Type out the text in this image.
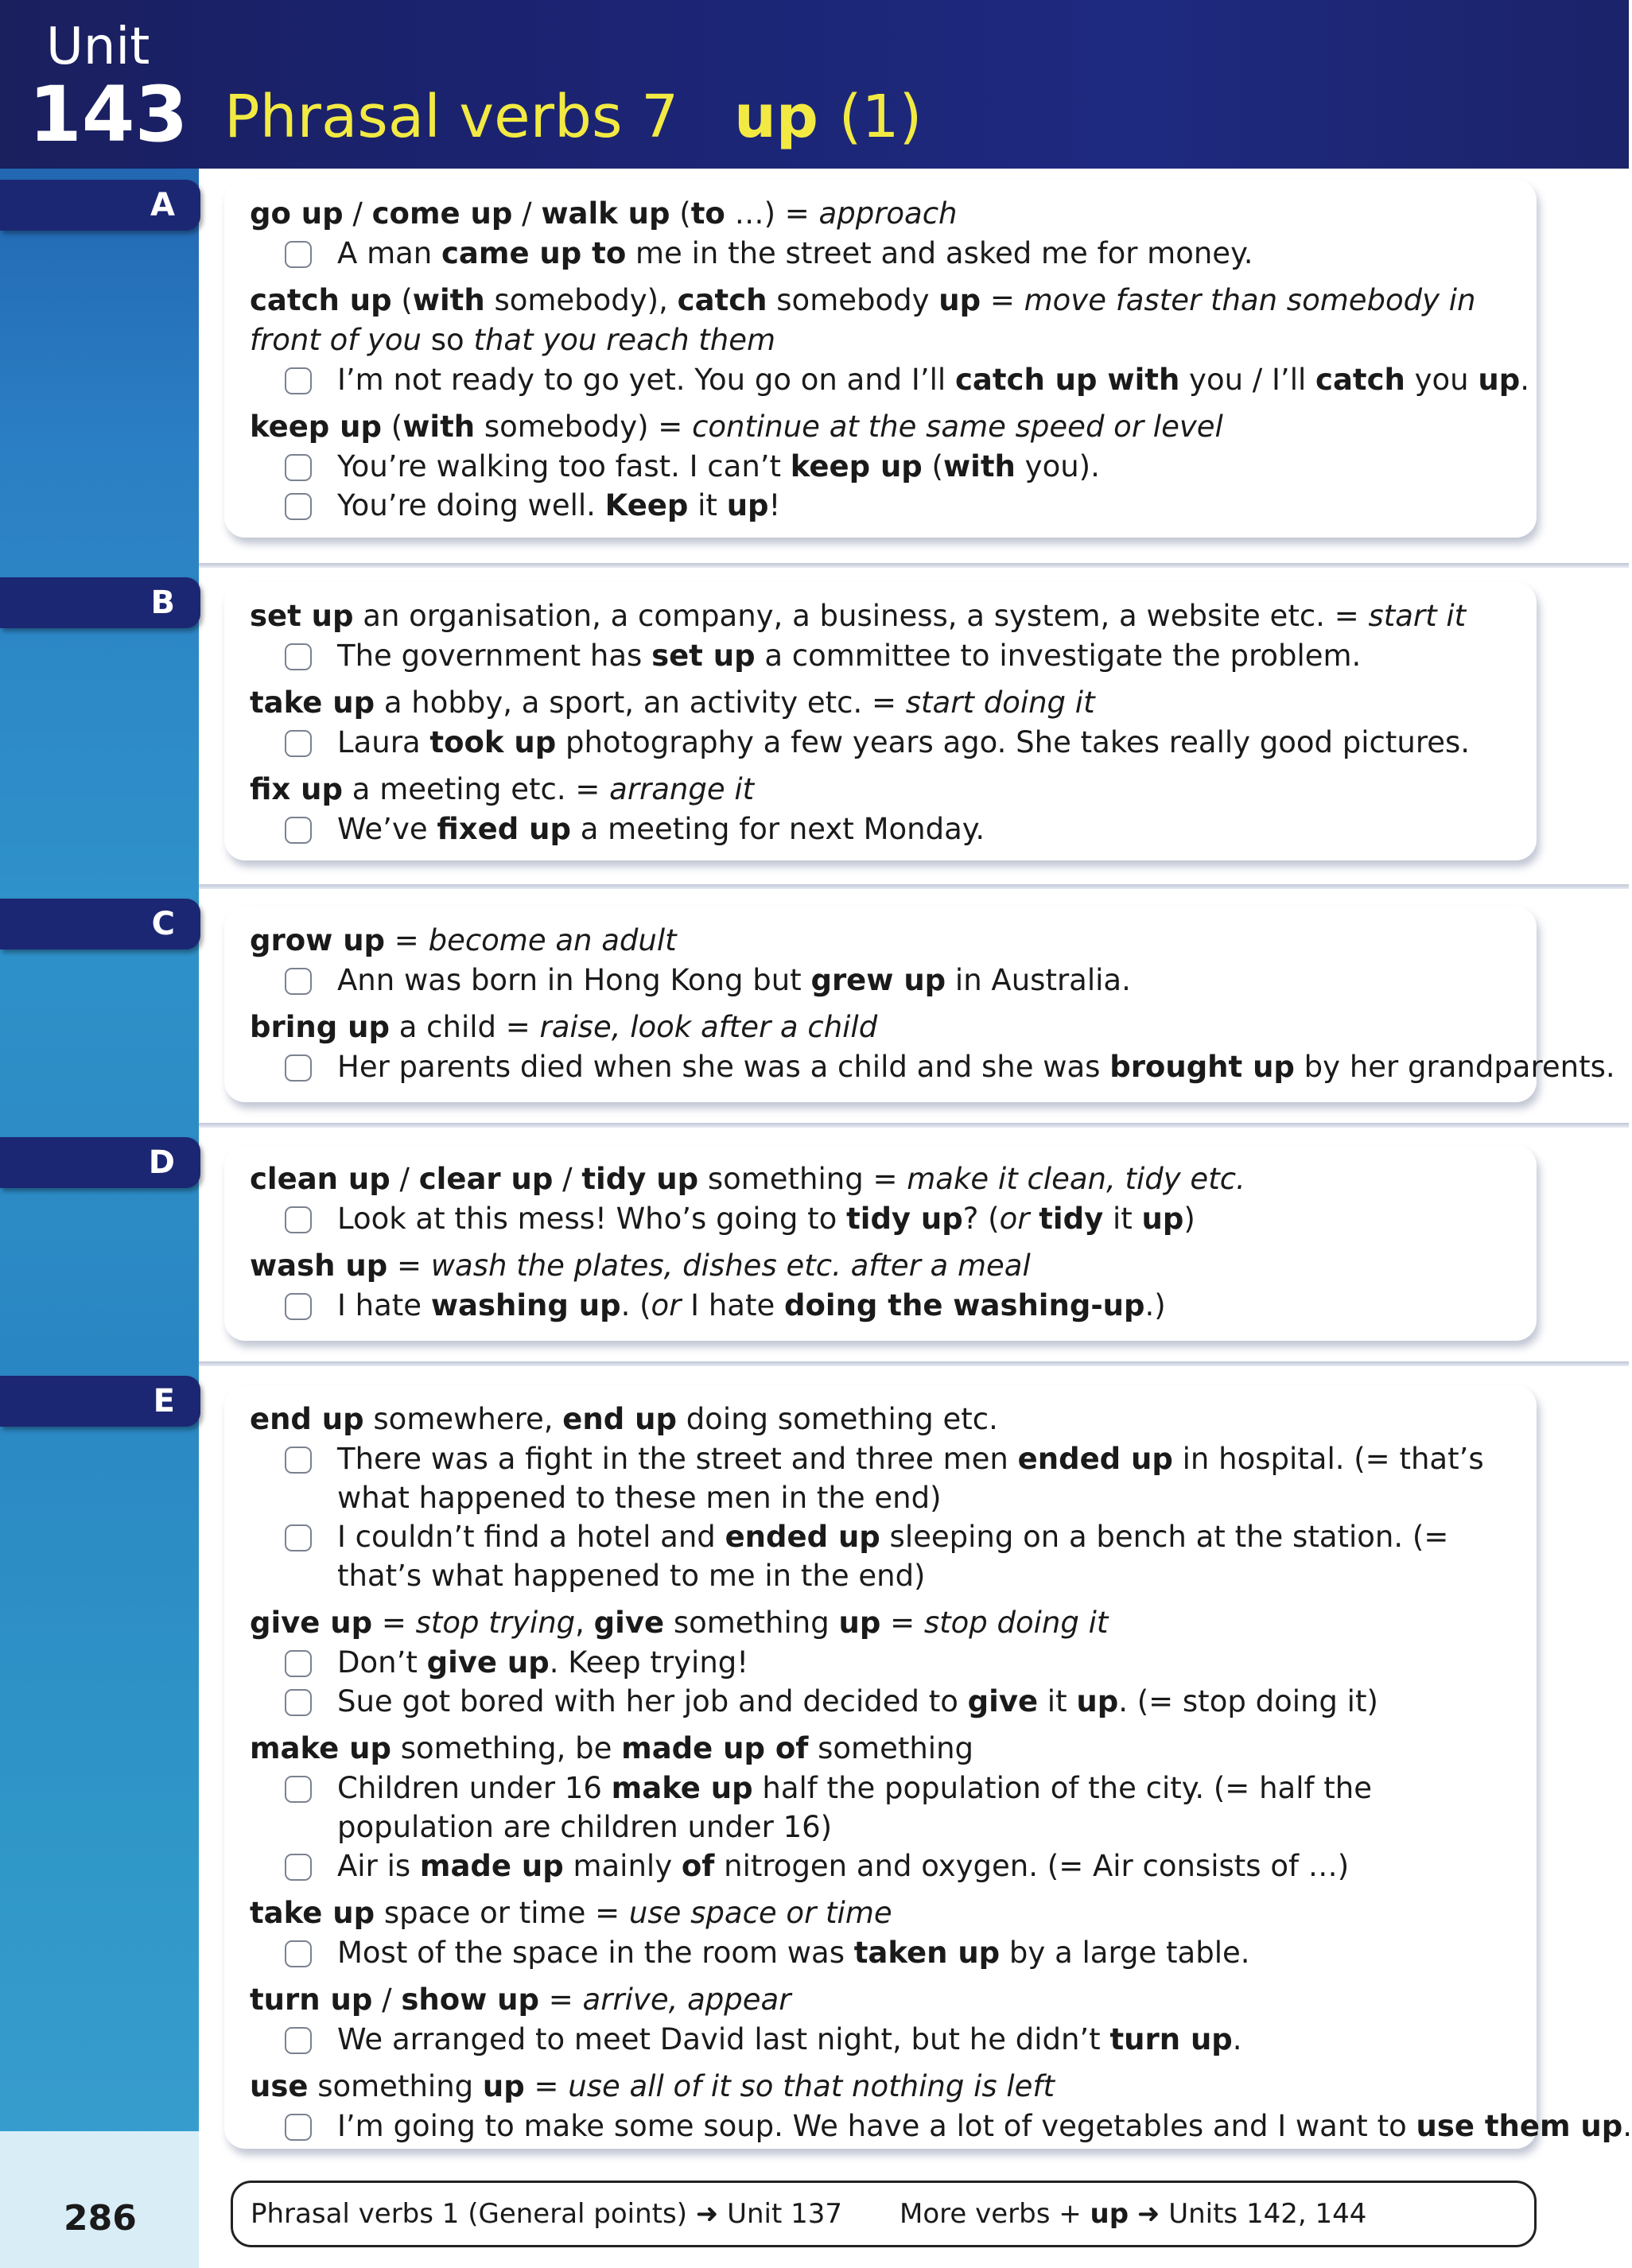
Unit
143 Phrasal verbs 7 up (1)
A	go up / come up / walk up (to …) = approach
A man came up to me in the street and asked me for money.
catch up (with somebody), catch somebody up = move faster than somebody in front of you so that you reach them
I’m not ready to go yet. You go on and I’ll catch up with you / I’ll catch you up.
keep up (with somebody) = continue at the same speed or level
You’re walking too fast. I can’t keep up (with you).
You’re doing well. Keep it up!
B	set up an organisation, a company, a business, a system, a website etc. = start it
The government has set up a committee to investigate the problem.
take up a hobby, a sport, an activity etc. = start doing it
Laura took up photography a few years ago. She takes really good pictures.
fix up a meeting etc. = arrange it
We’ve fixed up a meeting for next Monday.
C	grow up = become an adult
Ann was born in Hong Kong but grew up in Australia.
bring up a child = raise, look after a child
Her parents died when she was a child and she was brought up by her grandparents.
D	clean up / clear up / tidy up something = make it clean, tidy etc.
Look at this mess! Who’s going to tidy up? (or tidy it up)
wash up = wash the plates, dishes etc. after a meal
I hate washing up. (or I hate doing the washing-up.)
E	end up somewhere, end up doing something etc.
There was a fight in the street and three men ended up in hospital. (= that’s what happened to these men in the end)
I couldn’t find a hotel and ended up sleeping on a bench at the station. (= that’s what happened to me in the end)
give up = stop trying, give something up = stop doing it
Don’t give up. Keep trying!
Sue got bored with her job and decided to give it up. (= stop doing it)
make up something, be made up of something
Children under 16 make up half the population of the city. (= half the population are children under 16)
Air is made up mainly of nitrogen and oxygen. (= Air consists of …)
take up space or time = use space or time
Most of the space in the room was taken up by a large table.
turn up / show up = arrive, appear
We arranged to meet David last night, but he didn’t turn up.
use something up = use all of it so that nothing is left
I’m going to make some soup. We have a lot of vegetables and I want to use them up.
286	Phrasal verbs 1 (General points) ➜ Unit 137 More verbs + up ➜ Units 142, 144
